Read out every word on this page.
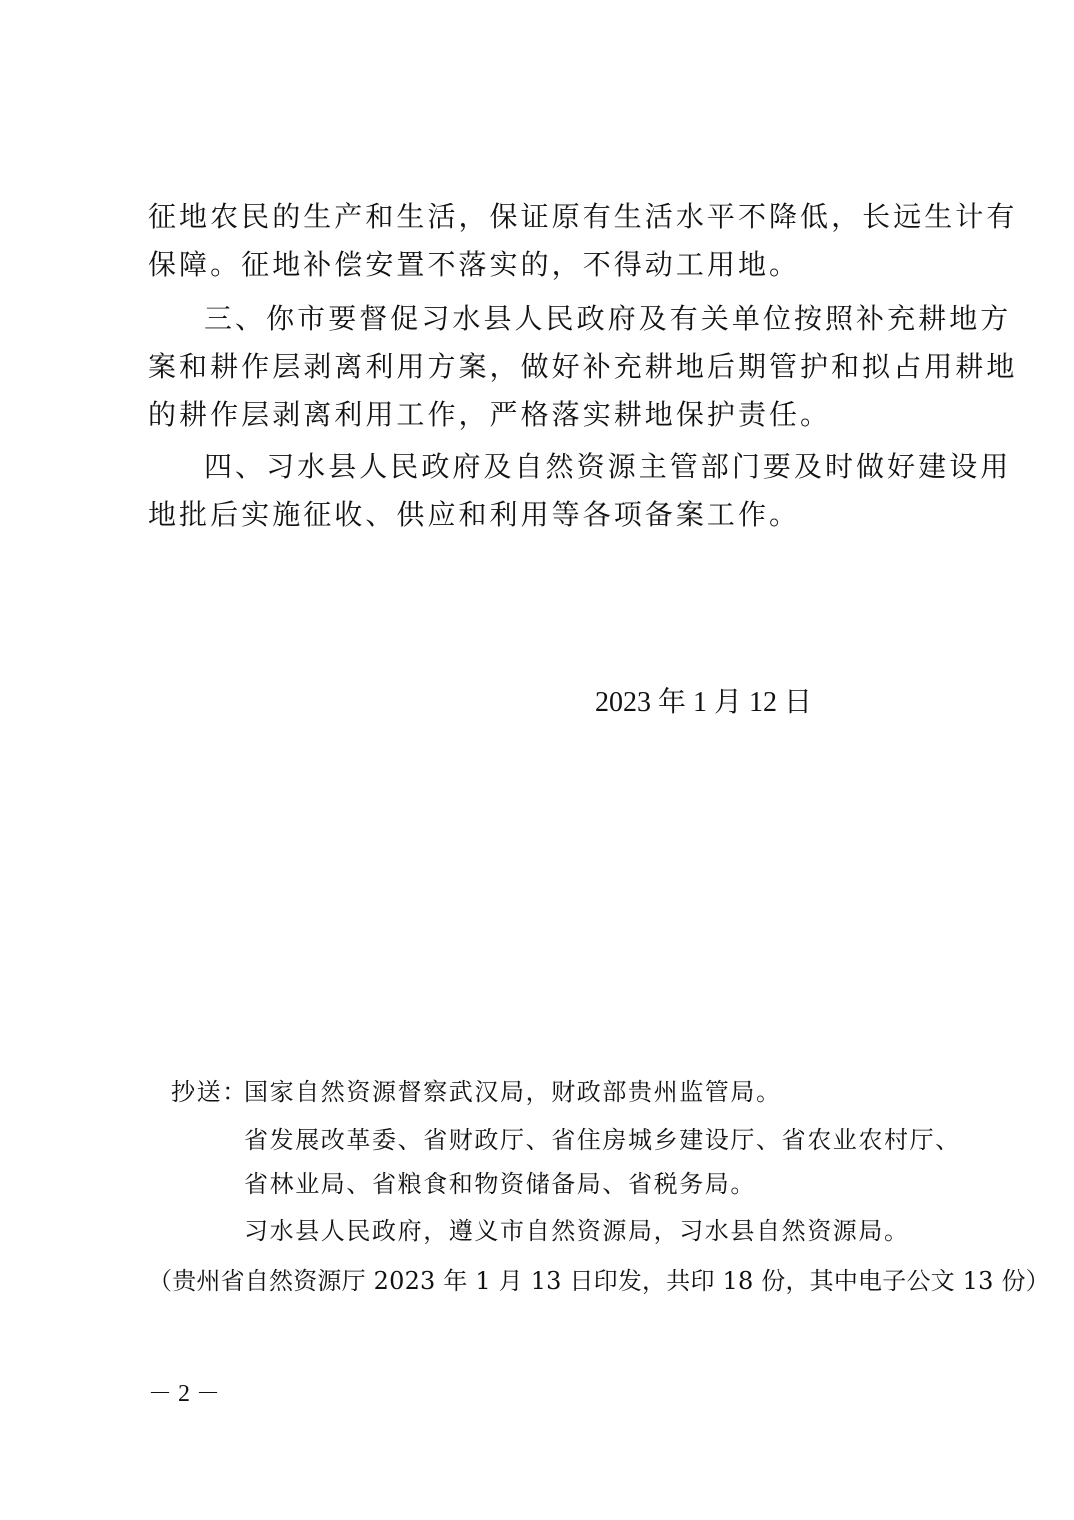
征地农民的生产和生活，保证原有生活水平不降低，长远生计有
保障。征地补偿安置不落实的，不得动工用地。
三、你市要督促习水县人民政府及有关单位按照补充耕地方
案和耕作层剥离利用方案，做好补充耕地后期管护和拟占用耕地
的耕作层剥离利用工作，严格落实耕地保护责任。
四、习水县人民政府及自然资源主管部门要及时做好建设用
地批后实施征收、供应和利用等各项备案工作。
2023 年 1 月 12 日
抄送：
国家自然资源督察武汉局，财政部贵州监管局。
省发展改革委、省财政厅、省住房城乡建设厅、省农业农村厅、
省林业局、省粮食和物资储备局、省税务局。
习水县人民政府，遵义市自然资源局，习水县自然资源局。
（贵州省自然资源厅 2023 年 1 月 13 日印发，共印 18 份，其中电子公文 13 份）
－ 2 －
